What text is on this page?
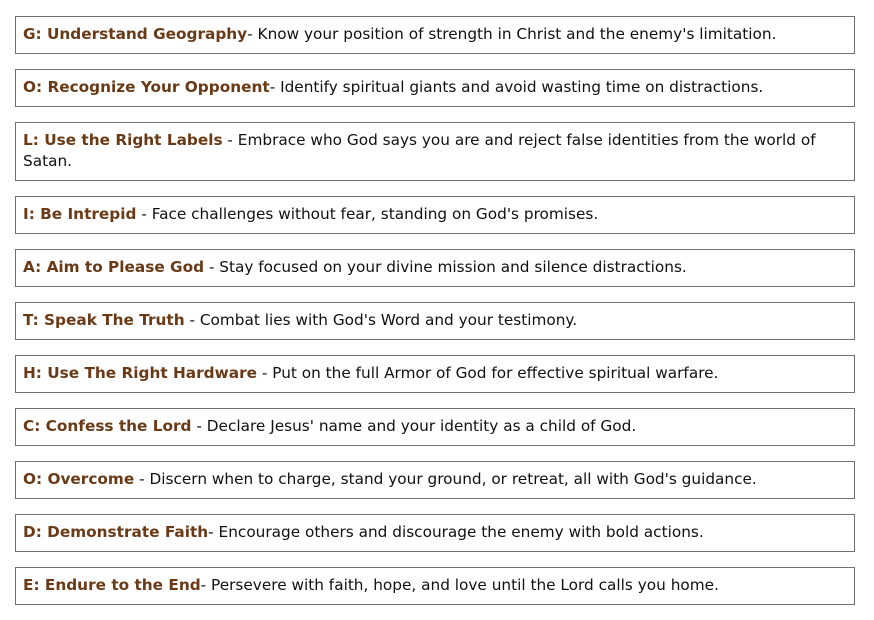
G: Understand Geography- Know your position of strength in Christ and the enemy's limitation.
O: Recognize Your Opponent- Identify spiritual giants and avoid wasting time on distractions.
L: Use the Right Labels - Embrace who God says you are and reject false identities from the world of Satan.
I: Be Intrepid - Face challenges without fear, standing on God's promises.
A: Aim to Please God - Stay focused on your divine mission and silence distractions.
T: Speak The Truth - Combat lies with God's Word and your testimony.
H: Use The Right Hardware - Put on the full Armor of God for effective spiritual warfare.
C: Confess the Lord - Declare Jesus' name and your identity as a child of God.
O: Overcome - Discern when to charge, stand your ground, or retreat, all with God's guidance.
D: Demonstrate Faith- Encourage others and discourage the enemy with bold actions.
E: Endure to the End- Persevere with faith, hope, and love until the Lord calls you home.
